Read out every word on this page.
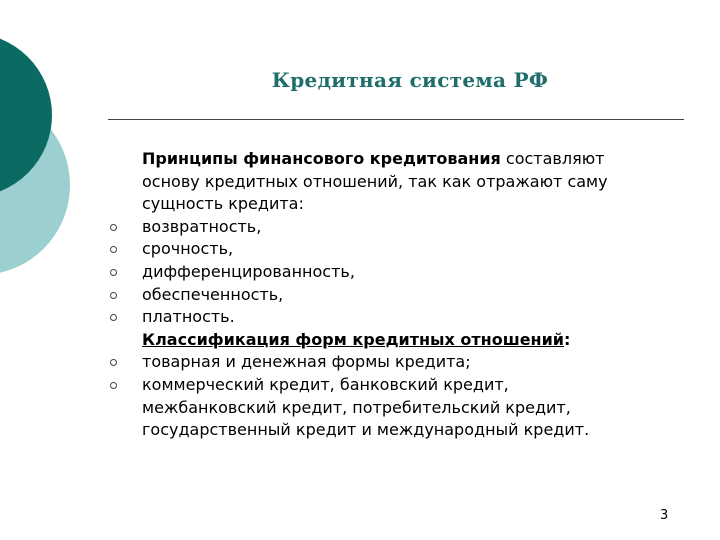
Кредитная система РФ
Принципы финансового кредитования составляют
основу кредитных отношений, так как отражают саму
сущность кредита:
возвратность,
срочность,
дифференцированность,
обеспеченность,
платность.
Классификация форм кредитных отношений:
товарная и денежная формы кредита;
коммерческий кредит, банковский кредит,
межбанковский кредит, потребительский кредит,
государственный кредит и международный кредит.
3
